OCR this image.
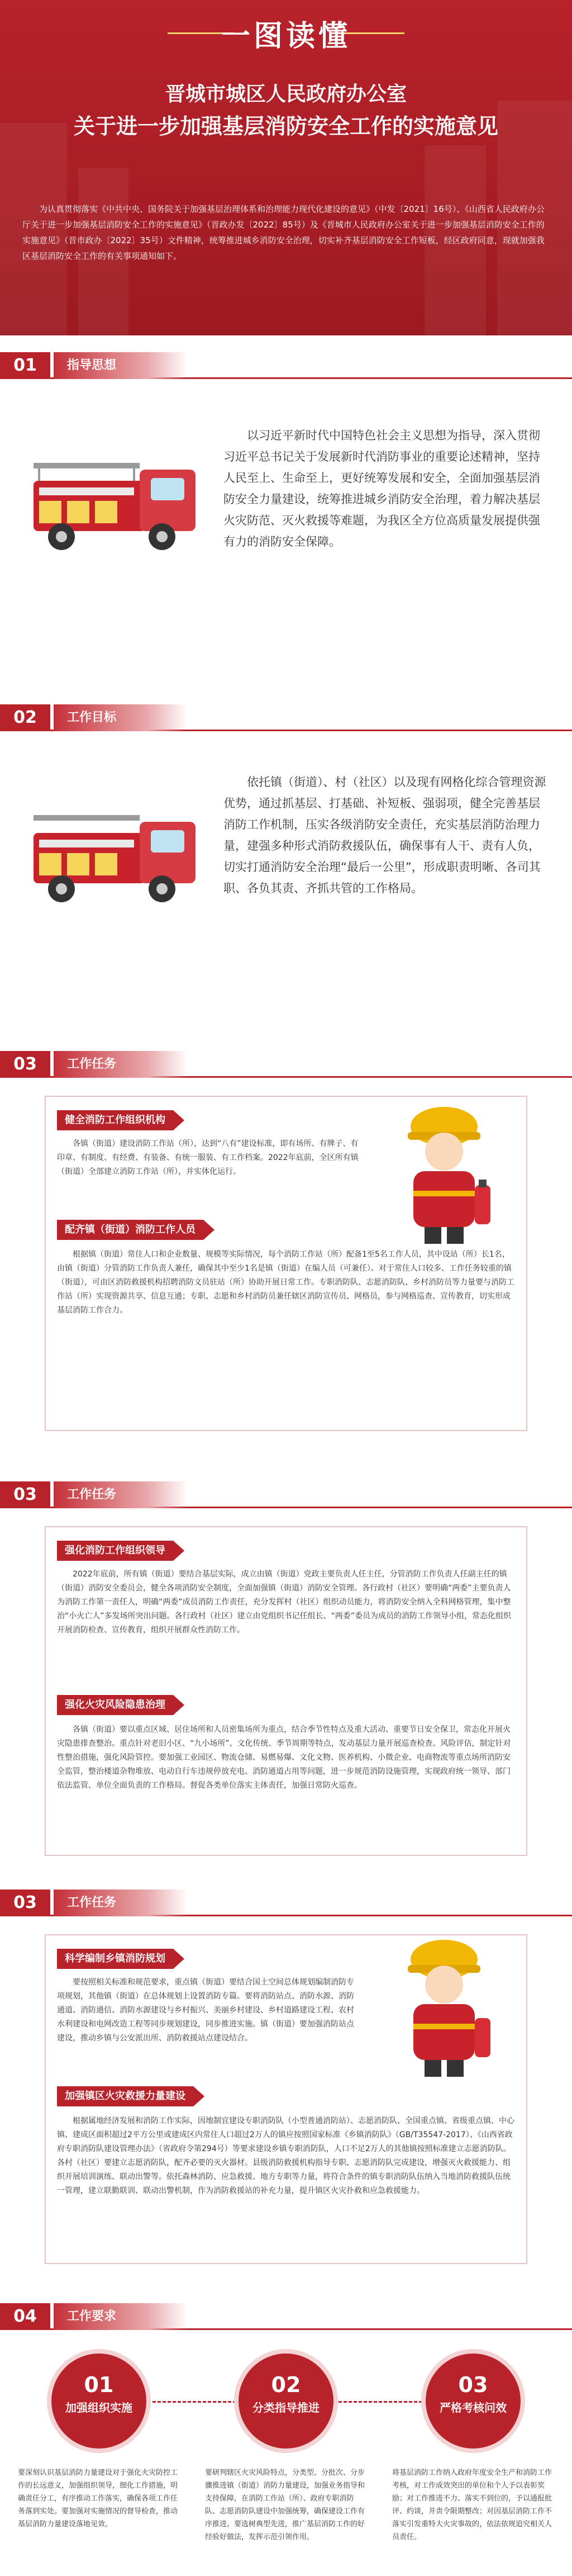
一图读懂
晋城市城区人民政府办公室
关于进一步加强基层消防安全工作的实施意见
为认真贯彻落实《中共中央、国务院关于加强基层治理体系和治理能力现代化建设的意见》（中发〔2021〕16号）、《山西省人民政府办公厅关于进一步加强基层消防安全工作的实施意见》（晋政办发〔2022〕85号）及《晋城市人民政府办公室关于进一步加强基层消防安全工作的实施意见》（晋市政办〔2022〕35号）文件精神，统筹推进城乡消防安全治理，切实补齐基层消防安全工作短板，经区政府同意，现就加强我区基层消防安全工作的有关事项通知如下。
01	指导思想
以习近平新时代中国特色社会主义思想为指导，深入贯彻习近平总书记关于发展新时代消防事业的重要论述精神，坚持人民至上、生命至上，更好统筹发展和安全，全面加强基层消防安全力量建设，统筹推进城乡消防安全治理，着力解决基层火灾防范、灭火救援等难题，为我区全方位高质量发展提供强有力的消防安全保障。
02	工作目标
依托镇（街道）、村（社区）以及现有网格化综合管理资源优势，通过抓基层、打基础、补短板、强弱项，健全完善基层消防工作机制，压实各级消防安全责任，充实基层消防治理力量，建强多种形式消防救援队伍，确保事有人干、责有人负，切实打通消防安全治理“最后一公里”，形成职责明晰、各司其职、各负其责、齐抓共管的工作格局。
03	工作任务
健全消防工作组织机构
各镇（街道）建设消防工作站（所），达到“八有”建设标准，即有场所、有牌子、有印章、有制度、有经费、有装备、有统一服装、有工作档案。2022年底前，全区所有镇（街道）全部建立消防工作站（所），并实体化运行。
配齐镇（街道）消防工作人员
根据镇（街道）常住人口和企业数量、规模等实际情况，每个消防工作站（所）配备1至5名工作人员，其中设站（所）长1名，由镇（街道）分管消防工作负责人兼任，确保其中至少1名是镇（街道）在编人员（可兼任）。对于常住人口较多、工作任务较重的镇（街道），可由区消防救援机构招聘消防文员驻站（所）协助开展日常工作。专职消防队、志愿消防队、乡村消防员等力量要与消防工作站（所）实现资源共享、信息互通；专职、志愿和乡村消防员兼任辖区消防宣传员、网格员，参与网格巡查、宣传教育，切实形成基层消防工作合力。
03	工作任务
强化消防工作组织领导
2022年底前，所有镇（街道）要结合基层实际，成立由镇（街道）党政主要负责人任主任，分管消防工作负责人任副主任的镇（街道）消防安全委员会，健全各项消防安全制度，全面加强镇（街道）消防安全管理。各行政村（社区）要明确“两委”主要负责人为消防工作第一责任人，明确“两委”成员消防工作责任，充分发挥村（社区）组织动员能力，将消防安全纳入全科网格管理，集中整治“小火亡人”多发场所突出问题。各行政村（社区）建立由党组织书记任组长、“两委”委员为成员的消防工作领导小组，常态化组织开展消防检查、宣传教育，组织开展群众性消防工作。
强化火灾风险隐患治理
各镇（街道）要以重点区域、居住场所和人员密集场所为重点，结合季节性特点及重大活动、重要节日安全保卫，常态化开展火灾隐患排查整治。重点针对老旧小区、“九小场所”、文化传统、季节周期等特点，发动基层力量开展巡查检查、风险评估，制定针对性整治措施，强化风险管控。要加强工业园区、物流仓储、易燃易爆、文化文物、医养机构、小微企业、电商物流等重点场所消防安全监管，整治楼道杂物堆放、电动自行车违规停放充电、消防通道占用等问题，进一步规范消防设施管理，实现政府统一领导、部门依法监管、单位全面负责的工作格局。督促各类单位落实主体责任，加强日常防火巡查。
03	工作任务
科学编制乡镇消防规划
要按照相关标准和规范要求，重点镇（街道）要结合国土空间总体规划编制消防专项规划，其他镇（街道）在总体规划上设置消防专篇。要将消防站点、消防水源、消防通道、消防通信、消防水源建设与乡村振兴、美丽乡村建设、乡村道路建设工程、农村水利建设和电网改造工程等同步规划建设，同步推进实施。镇（街道）要加强消防站点建设，推动乡镇与公安派出所、消防救援站点建设结合。
加强镇区火灾救援力量建设
根据属地经济发展和消防工作实际，因地制宜建设专职消防队（小型普通消防站）、志愿消防队、全国重点镇、省级重点镇、中心镇、建成区面积超过2平方公里或建成区内常住人口超过2万人的镇应按照国家标准《乡镇消防队》（GB/T35547-2017）、《山西省政府专职消防队建设管理办法》（省政府令第294号）等要求建设乡镇专职消防队，人口不足2万人的其他镇按照标准建立志愿消防队。各村（社区）要建立志愿消防队，配齐必要的灭火器材。县级消防救援机构指导专职、志愿消防队完成建设，增强灭火救援能力、组织开展培训演练、联动出警等。依托森林消防、应急救援、地方专职等力量，将符合条件的镇专职消防队伍纳入当地消防救援队伍统一管理，建立联勤联训、联动出警机制，作为消防救援站的补充力量，提升镇区火灾扑救和应急救援能力。
04	工作要求
01
加强组织实施
02
分类指导推进
03
严格考核问效
要深刻认识基层消防力量建设对于强化火灾防控工作的长远意义，加强组织领导，细化工作措施，明确责任分工，有序推动工作落实，确保各项工作任务落到实处。要加强对实施情况的督导检查，推动基层消防力量建设落地见效。
要研判辖区火灾风险特点，分类型、分批次、分步骤推进镇（街道）消防力量建设，加强业务指导和支持保障，在消防工作站（所）、政府专职消防队、志愿消防队建设中加强统筹，确保建设工作有序推进。要选树典型先进，推广基层消防工作的好经验好做法，发挥示范引领作用。
将基层消防工作纳入政府年度安全生产和消防工作考核，对工作成效突出的单位和个人予以表彰奖励；对工作推进不力、落实不到位的，予以通报批评、约谈，并责令限期整改；对因基层消防工作不落实引发重特大火灾事故的，依法依规追究相关人员责任。
